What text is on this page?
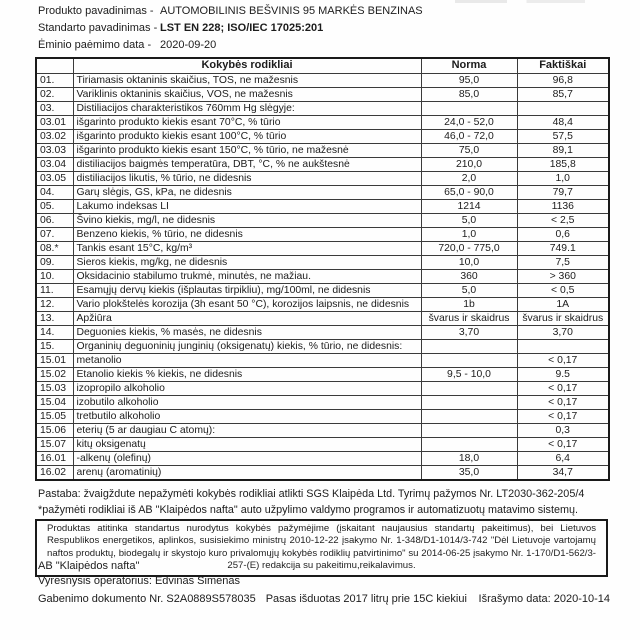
Produkto pavadinimas - AUTOMOBILINIS BEŠVINIS 95 MARKĖS BENZINAS
Standarto pavadinimas - LST EN 228; ISO/IEC 17025:201
Ėminio paėmimo data - 2020-09-20
	Kokybės rodikliai	Norma	Faktiškai
01.	Tiriamasis oktaninis skaičius, TOS, ne mažesnis	95,0	96,8
02.	Variklinis oktaninis skaičius, VOS, ne mažesnis	85,0	85,7
03.	Distiliacijos charakteristikos 760mm Hg slėgyje:		
03.01	išgarinto produkto kiekis esant 70°C, % tūrio	24,0 - 52,0	48,4
03.02	išgarinto produkto kiekis esant 100°C, % tūrio	46,0 - 72,0	57,5
03.03	išgarinto produkto kiekis esant 150°C, % tūrio, ne mažesnė	75,0	89,1
03.04	distiliacijos baigmės temperatūra, DBT, °C, % ne aukštesnė	210,0	185,8
03.05	distiliacijos likutis, % tūrio, ne didesnis	2,0	1,0
04.	Garų slėgis, GS, kPa, ne didesnis	65,0 - 90,0	79,7
05.	Lakumo indeksas LI	1214	1136
06.	Švino kiekis, mg/l, ne didesnis	5,0	< 2,5
07.	Benzeno kiekis, % tūrio, ne didesnis	1,0	0,6
08.*	Tankis esant 15°C, kg/m³	720,0 - 775,0	749.1
09.	Sieros kiekis, mg/kg, ne didesnis	10,0	7,5
10.	Oksidacinio stabilumo trukmė, minutės, ne mažiau.	360	> 360
11.	Esamųjų dervų kiekis (išplautas tirpikliu), mg/100ml, ne didesnis	5,0	< 0,5
12.	Vario plokštelės korozija (3h esant 50 °C), korozijos laipsnis, ne didesnis	1b	1A
13.	Apžiūra	švarus ir skaidrus	švarus ir skaidrus
14.	Deguonies kiekis, % masės, ne didesnis	3,70	3,70
15.	Organinių deguoninių junginių (oksigenatų) kiekis, % tūrio, ne didesnis:		
15.01	metanolio		< 0,17
15.02	Etanolio kiekis % kiekis, ne didesnis	9,5 - 10,0	9.5
15.03	izopropilo alkoholio		< 0,17
15.04	izobutilo alkoholio		< 0,17
15.05	tretbutilo alkoholio		< 0,17
15.06	eterių (5 ar daugiau C atomų):		0,3
15.07	kitų oksigenatų		< 0,17
16.01	-alkenų (olefinų)	18,0	6,4
16.02	arenų (aromatinių)	35,0	34,7
Pastaba: žvaigždute nepažymėti kokybės rodikliai atlikti SGS Klaipėda Ltd. Tyrimų pažymos Nr. LT2030-362-205/4
*pažymėti rodikliai iš AB "Klaipėdos nafta" auto užpylimo valdymo programos ir automatizuotų matavimo sistemų.
Produktas atitinka standartus nurodytus kokybės pažymėjime (įskaitant naujausius standartų pakeitimus), bei Lietuvos Respublikos energetikos, aplinkos, susisiekimo ministrų 2010-12-22 įsakymo Nr. 1-348/D1-1014/3-742 "Dėl Lietuvoje vartojamų naftos produktų, biodegalų ir skystojo kuro privalomųjų kokybės rodiklių patvirtinimo" su 2014-06-25 įsakymo Nr. 1-170/D1-562/3-257-(E) redakcija su pakeitimu,reikalavimus.
AB "Klaipėdos nafta"
Vyresnysis operatorius: Edvinas Simenas
Gabenimo dokumento Nr. S2A0889S578035 Pasas išduotas 2017 litrų prie 15C kiekiui Išrašymo data: 2020-10-14
